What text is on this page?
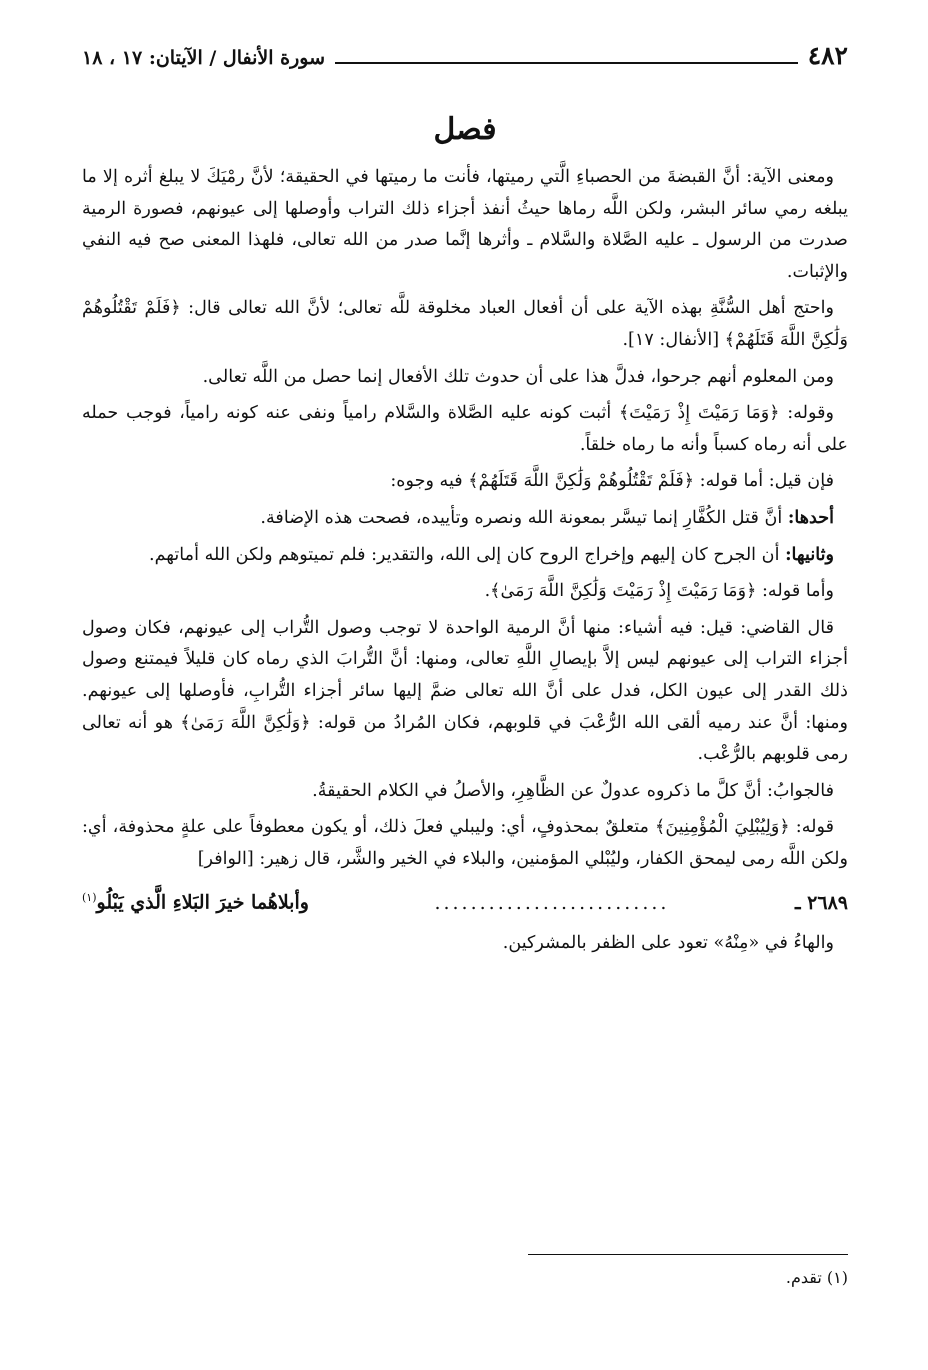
٤٨٢
سورة الأنفال / الآيتان: ١٧ ، ١٨
فصل

ومعنى الآية: أنَّ القبضةَ من الحصباءِ الَّتي رميتها، فأنت ما رميتها في الحقيقة؛ لأنَّ رمْيَكَ لا يبلغ أثره إلا ما يبلغه رمي سائر البشر، ولكن اللَّه رماها حيثُ أنفذ أجزاء ذلك التراب وأوصلها إلى عيونهم، فصورة الرمية صدرت من الرسول ـ عليه الصَّلاة والسَّلام ـ وأثرها إنَّما صدر من الله تعالى، فلهذا المعنى صح فيه النفي والإثبات.

واحتج أهل السُّنَّةِ بهذه الآية على أن أفعال العباد مخلوقة للَّه تعالى؛ لأنَّ الله تعالى قال: ﴿فَلَمْ تَقْتُلُوهُمْ وَلَٰكِنَّ اللَّهَ قَتَلَهُمْ﴾ [الأنفال: ١٧].

ومن المعلوم أنهم جرحوا، فدلَّ هذا على أن حدوث تلك الأفعال إنما حصل من اللَّه تعالى.

وقوله: ﴿وَمَا رَمَيْتَ إِذْ رَمَيْتَ﴾ أثبت كونه عليه الصَّلاة والسَّلام رامياً ونفى عنه كونه رامياً، فوجب حمله على أنه رماه كسباً وأنه ما رماه خلقاً.

فإن قيل: أما قوله: ﴿فَلَمْ تَقْتُلُوهُمْ وَلَٰكِنَّ اللَّهَ قَتَلَهُمْ﴾ فيه وجوه:

أحدها: أنَّ قتل الكُفَّارِ إنما تيسَّر بمعونة الله ونصره وتأييده، فصحت هذه الإضافة.

وثانيها: أن الجرح كان إليهم وإخراج الروح كان إلى الله، والتقدير: فلم تميتوهم ولكن الله أماتهم.

وأما قوله: ﴿وَمَا رَمَيْتَ إِذْ رَمَيْتَ وَلَٰكِنَّ اللَّهَ رَمَىٰ﴾.

قال القاضي: قيل: فيه أشياء: منها أنَّ الرمية الواحدة لا توجب وصول التُّراب إلى عيونهم، فكان وصول أجزاء التراب إلى عيونهم ليس إلاَّ بإيصالِ اللَّهِ تعالى، ومنها: أنَّ التُّرابَ الذي رماه كان قليلاً فيمتنع وصول ذلك القدر إلى عيون الكل، فدل على أنَّ الله تعالى ضمَّ إليها سائر أجزاء التُّرابِ، فأوصلها إلى عيونهم. ومنها: أنَّ عند رميه ألقى الله الرُّعْبَ في قلوبهم، فكان المُرادُ من قوله: ﴿وَلَٰكِنَّ اللَّهَ رَمَىٰ﴾ هو أنه تعالى رمى قلوبهم بالرُّعْب.

فالجوابُ: أنَّ كلَّ ما ذكروه عدولٌ عن الظَّاهِرِ، والأصلُ في الكلام الحقيقةُ.

قوله: ﴿وَلِيُبْلِيَ الْمُؤْمِنِينَ﴾ متعلقٌ بمحذوفٍ، أي: وليبلي فعلَ ذلك، أو يكون معطوفاً على علةٍ محذوفة، أي: ولكن اللَّه رمى ليمحق الكفار، وليُبْلي المؤمنين، والبلاء في الخير والشَّر، قال زهير: [الوافر]

٢٦٨٩ ـ
..........................
وأبلاهُما خيرَ البَلاءِ الَّذي يَبْلُو$^{(١)}$

والهاءُ في «مِنْهُ» تعود على الظفر بالمشركين.

(١) تقدم.
